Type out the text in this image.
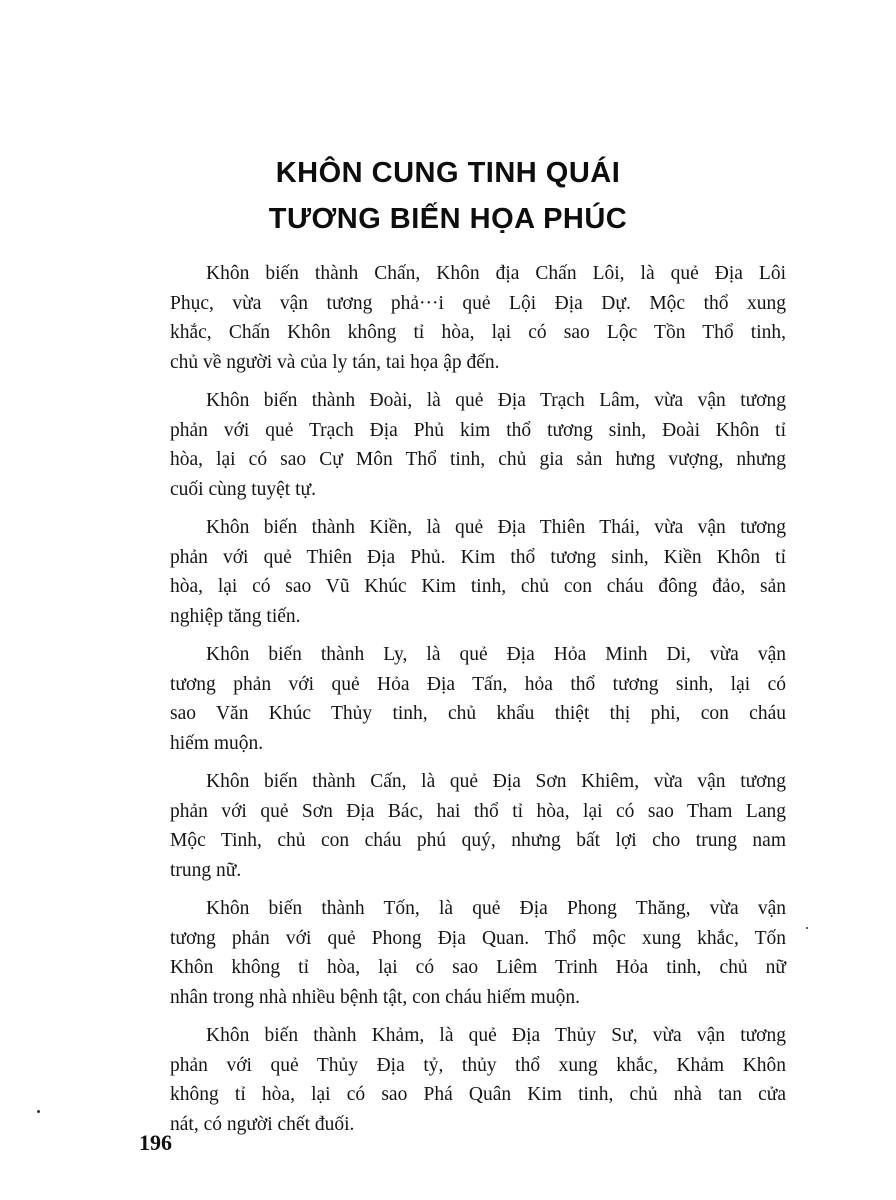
KHÔN CUNG TINH QUÁI
TƯƠNG BIẾN HỌA PHÚC
Khôn biến thành Chấn, Khôn địa Chấn Lôi, là quẻ Địa Lôi
Phục, vừa vận tương phả···i quẻ Lội Địa Dự. Mộc thổ xung
khắc, Chấn Khôn không tỉ hòa, lại có sao Lộc Tồn Thổ tinh,
chủ về người và của ly tán, tai họa ập đến.
Khôn biến thành Đoài, là quẻ Địa Trạch Lâm, vừa vận tương
phản với quẻ Trạch Địa Phủ kim thổ tương sinh, Đoài Khôn tỉ
hòa, lại có sao Cự Môn Thổ tinh, chủ gia sản hưng vượng, nhưng
cuối cùng tuyệt tự.
Khôn biến thành Kiền, là quẻ Địa Thiên Thái, vừa vận tương
phản với quẻ Thiên Địa Phủ. Kim thổ tương sinh, Kiền Khôn tỉ
hòa, lại có sao Vũ Khúc Kim tinh, chủ con cháu đông đảo, sản
nghiệp tăng tiến.
Khôn biến thành Ly, là quẻ Địa Hỏa Minh Di, vừa vận
tương phản với quẻ Hỏa Địa Tấn, hỏa thổ tương sinh, lại có
sao Văn Khúc Thủy tinh, chủ khẩu thiệt thị phi, con cháu
hiếm muộn.
Khôn biến thành Cấn, là quẻ Địa Sơn Khiêm, vừa vận tương
phản với quẻ Sơn Địa Bác, hai thổ tỉ hòa, lại có sao Tham Lang
Mộc Tinh, chủ con cháu phú quý, nhưng bất lợi cho trung nam
trung nữ.
Khôn biến thành Tốn, là quẻ Địa Phong Thăng, vừa vận
tương phản với quẻ Phong Địa Quan. Thổ mộc xung khắc, Tốn
Khôn không tỉ hòa, lại có sao Liêm Trinh Hỏa tinh, chủ nữ
nhân trong nhà nhiều bệnh tật, con cháu hiếm muộn.
Khôn biến thành Khảm, là quẻ Địa Thủy Sư, vừa vận tương
phản với quẻ Thủy Địa tỷ, thủy thổ xung khắc, Khảm Khôn
không tỉ hòa, lại có sao Phá Quân Kim tinh, chủ nhà tan cửa
nát, có người chết đuối.
196
